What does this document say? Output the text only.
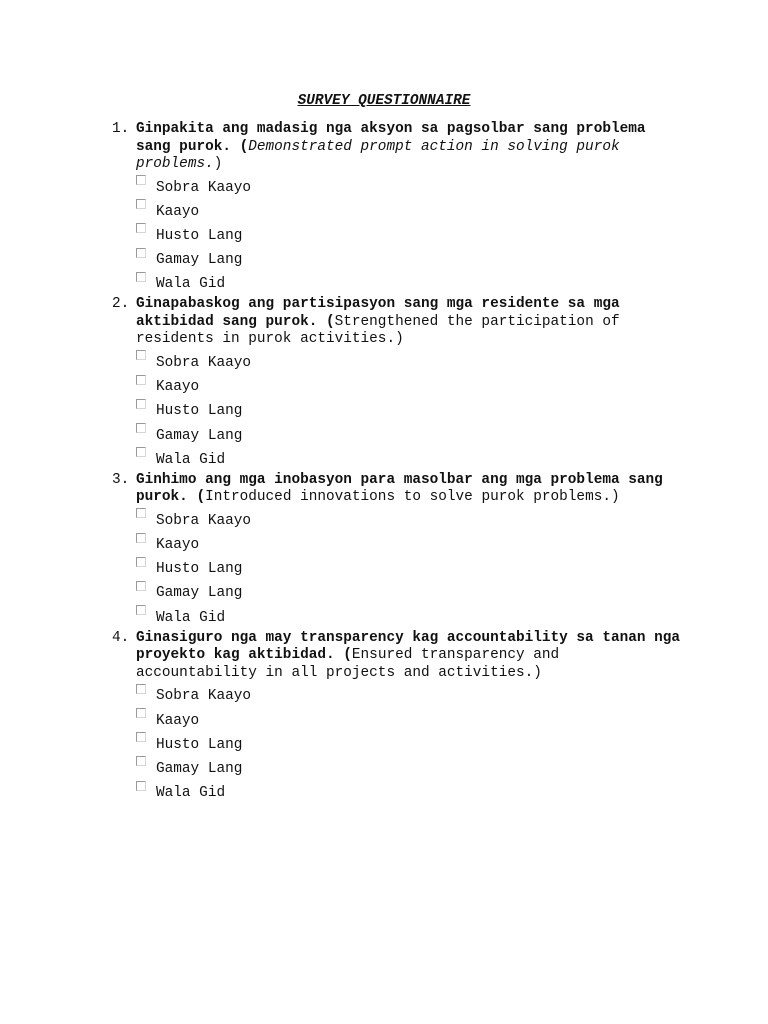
SURVEY QUESTIONNAIRE
1. Ginpakita ang madasig nga aksyon sa pagsolbar sang problema sang purok. (Demonstrated prompt action in solving purok problems.)

Sobra Kaayo
Kaayo
Husto Lang
Gamay Lang
Wala Gid
2. Ginapabaskog ang partisipasyon sang mga residente sa mga aktibidad sang purok. (Strengthened the participation of residents in purok activities.)

Sobra Kaayo
Kaayo
Husto Lang
Gamay Lang
Wala Gid
3. Ginhimo ang mga inobasyon para masolbar ang mga problema sang purok. (Introduced innovations to solve purok problems.)

Sobra Kaayo
Kaayo
Husto Lang
Gamay Lang
Wala Gid
4. Ginasiguro nga may transparency kag accountability sa tanan nga proyekto kag aktibidad. (Ensured transparency and accountability in all projects and activities.)

Sobra Kaayo
Kaayo
Husto Lang
Gamay Lang
Wala Gid
